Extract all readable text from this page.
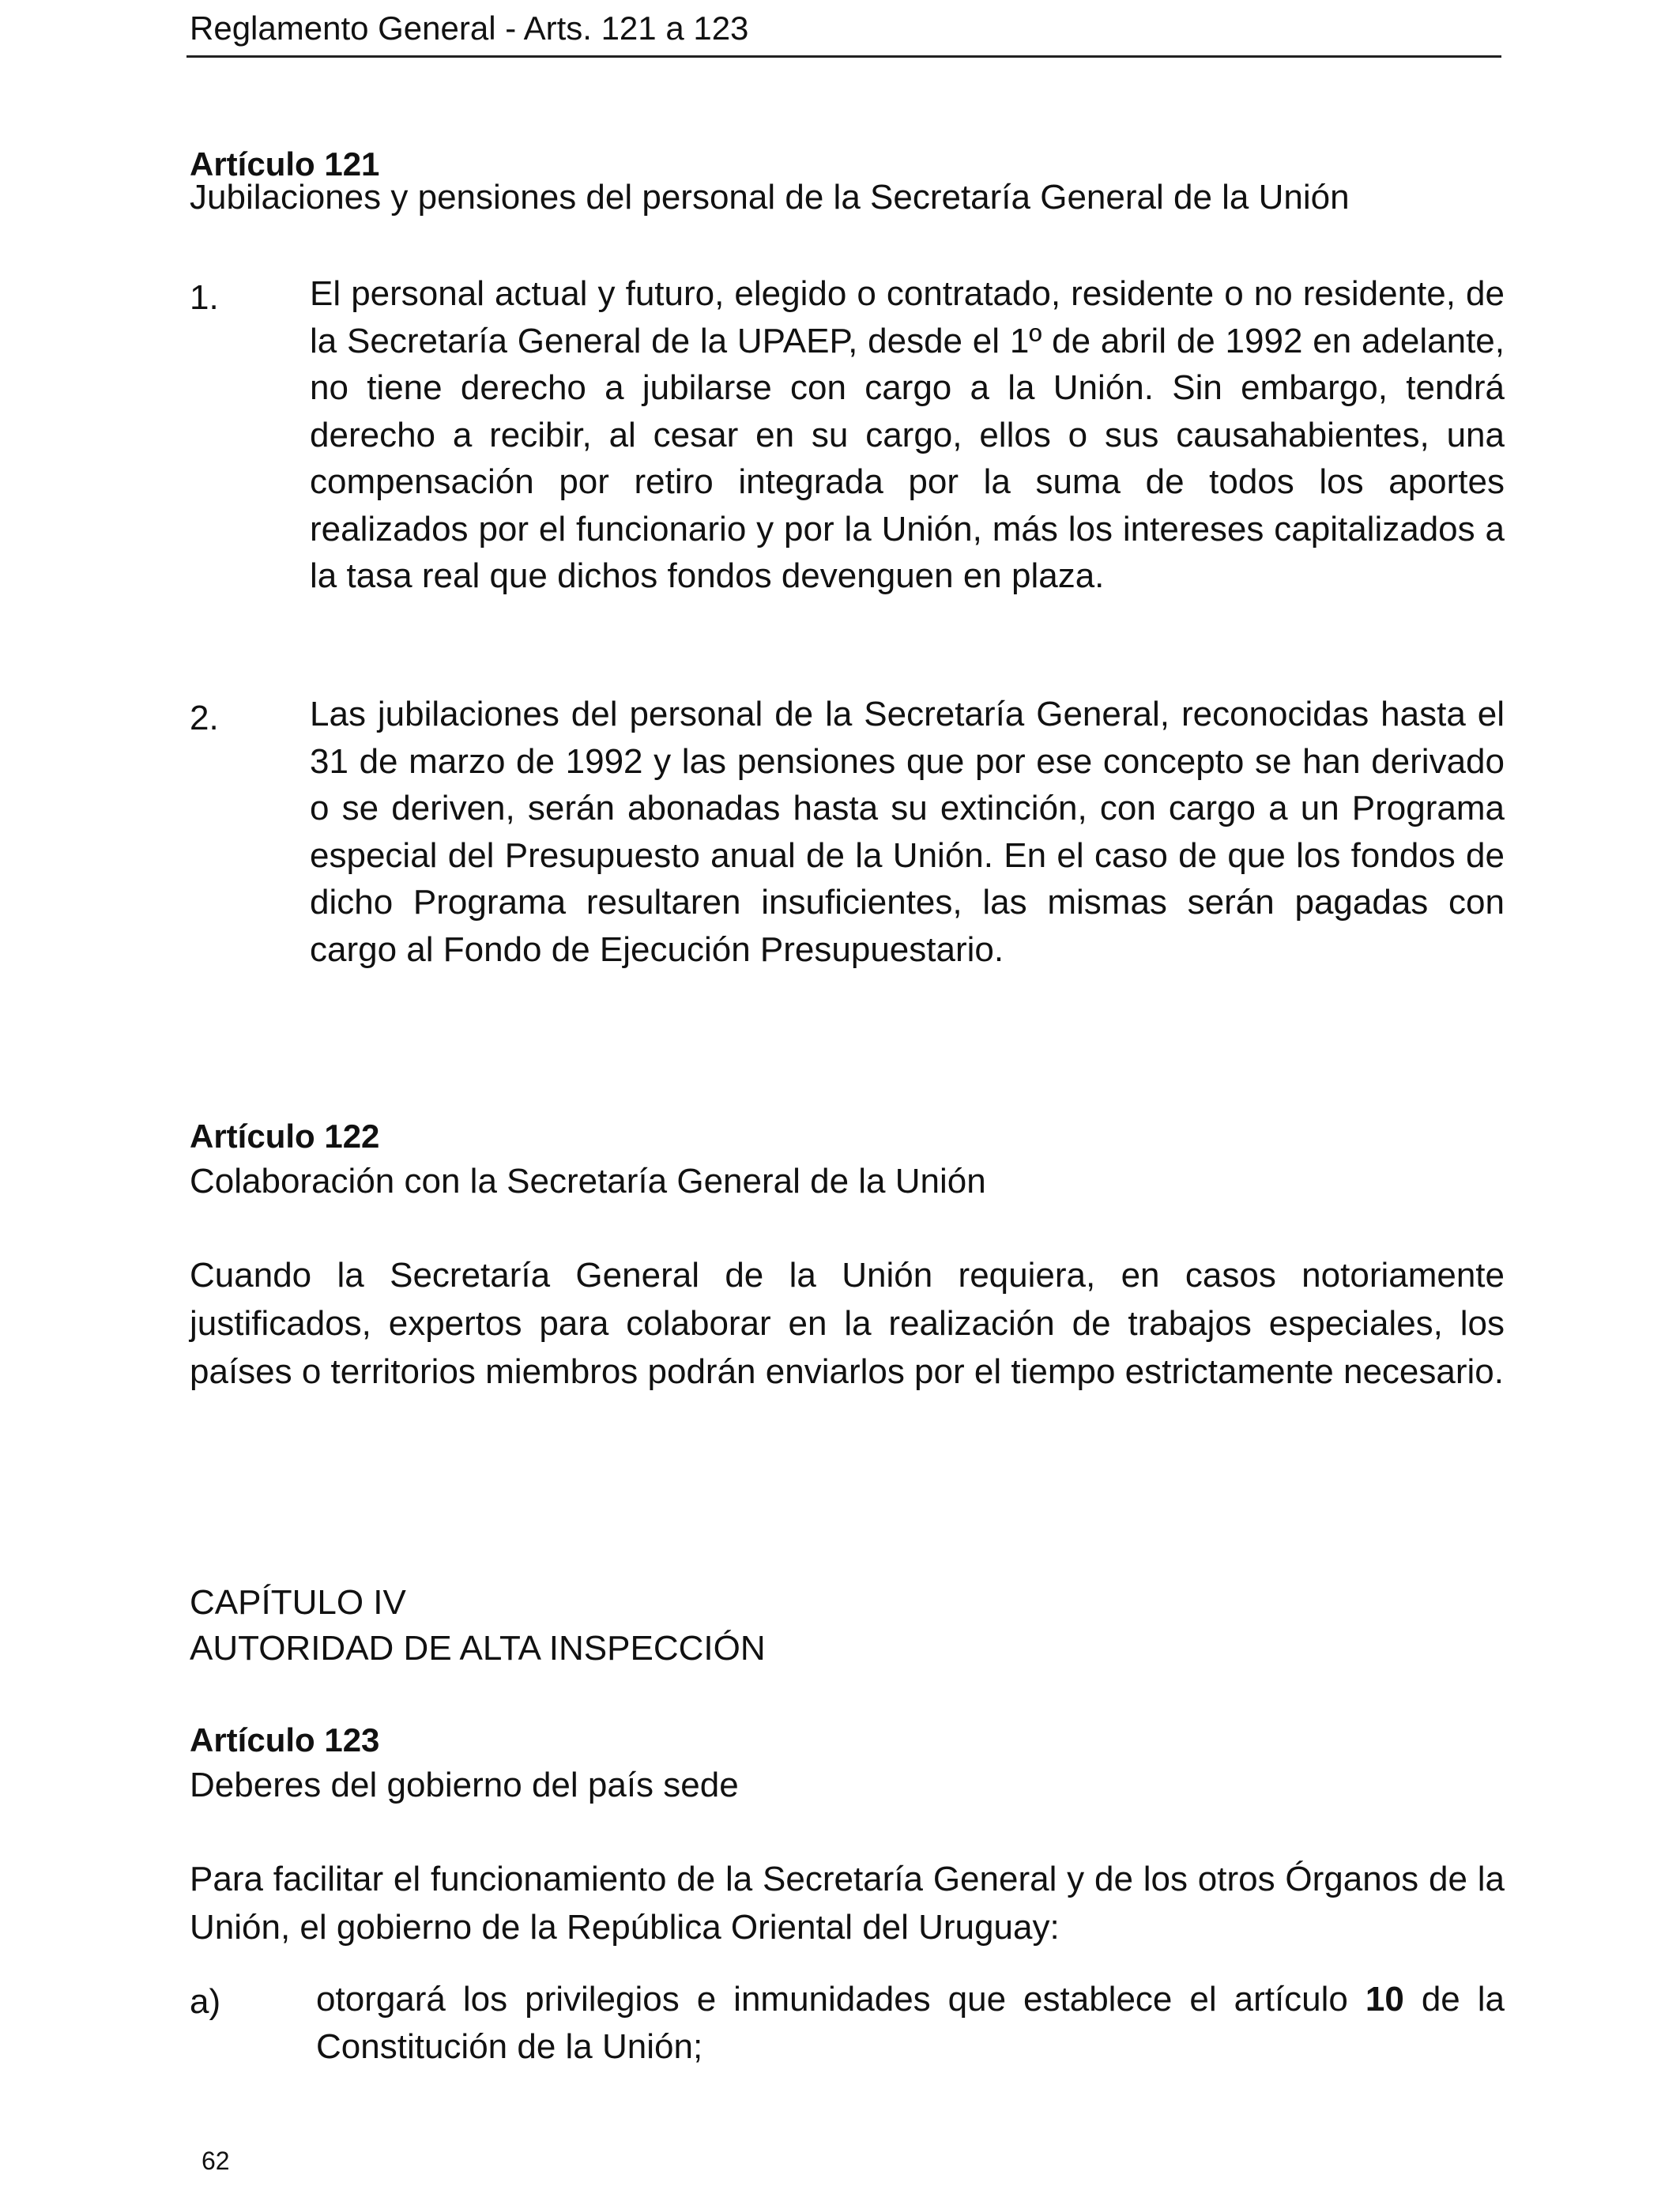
Reglamento General - Arts. 121 a 123
Artículo 121
Jubilaciones y pensiones del personal de la Secretaría General de la Unión
1.	El personal actual y futuro, elegido o contratado, residente o no residente, de la Secretaría General de la UPAEP, desde el 1º de abril de 1992 en adelante, no tiene derecho a jubilarse con cargo a la Unión. Sin embargo, tendrá derecho a recibir, al cesar en su cargo, ellos o sus causahabientes, una compensación por retiro integrada por la suma de todos los aportes realizados por el funcionario y por la Unión, más los intereses capitalizados a la tasa real que dichos fondos devenguen en plaza.
2.	Las jubilaciones del personal de la Secretaría General, reconocidas hasta el 31 de marzo de 1992 y las pensiones que por ese concepto se han derivado o se deriven, serán abonadas hasta su extinción, con cargo a un Programa especial del Presupuesto anual de la Unión. En el caso de que los fondos de dicho Programa resultaren insuficientes, las mismas serán pagadas con cargo al Fondo de Ejecución Presupuestario.
Artículo 122
Colaboración con la Secretaría General de la Unión
Cuando la Secretaría General de la Unión requiera, en casos notoriamente justificados, expertos para colaborar en la realización de trabajos especiales, los países o territorios miembros podrán enviarlos por el tiempo estrictamente necesario.
CAPÍTULO IV
AUTORIDAD DE ALTA INSPECCIÓN
Artículo 123
Deberes del gobierno del país sede
Para facilitar el funcionamiento de la Secretaría General y de los otros Órganos de la Unión, el gobierno de la República Oriental del Uruguay:
a)	otorgará los privilegios e inmunidades que establece el artículo 10 de la Constitución de la Unión;
62
